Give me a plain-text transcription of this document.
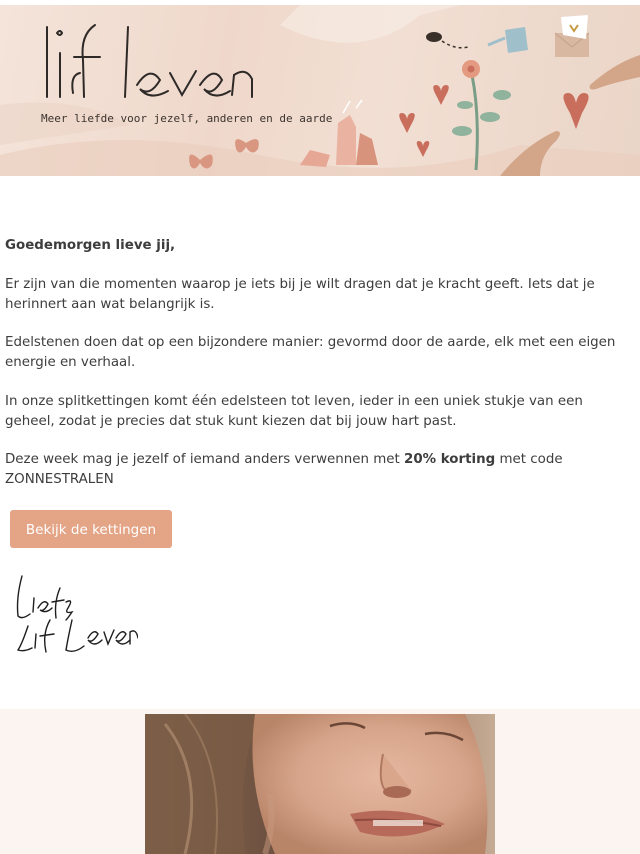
Meer liefde voor jezelf, anderen en de aarde

Goedemorgen lieve jij,

Er zijn van die momenten waarop je iets bij je wilt dragen dat je kracht geeft. Iets dat je herinnert aan wat belangrijk is.

Edelstenen doen dat op een bijzondere manier: gevormd door de aarde, elk met een eigen energie en verhaal.

In onze splitkettingen komt één edelsteen tot leven, ieder in een uniek stukje van een geheel, zodat je precies dat stuk kunt kiezen dat bij jouw hart past.

Deze week mag je jezelf of iemand anders verwennen met 20% korting met code ZONNESTRALEN

Bekijk de kettingen
